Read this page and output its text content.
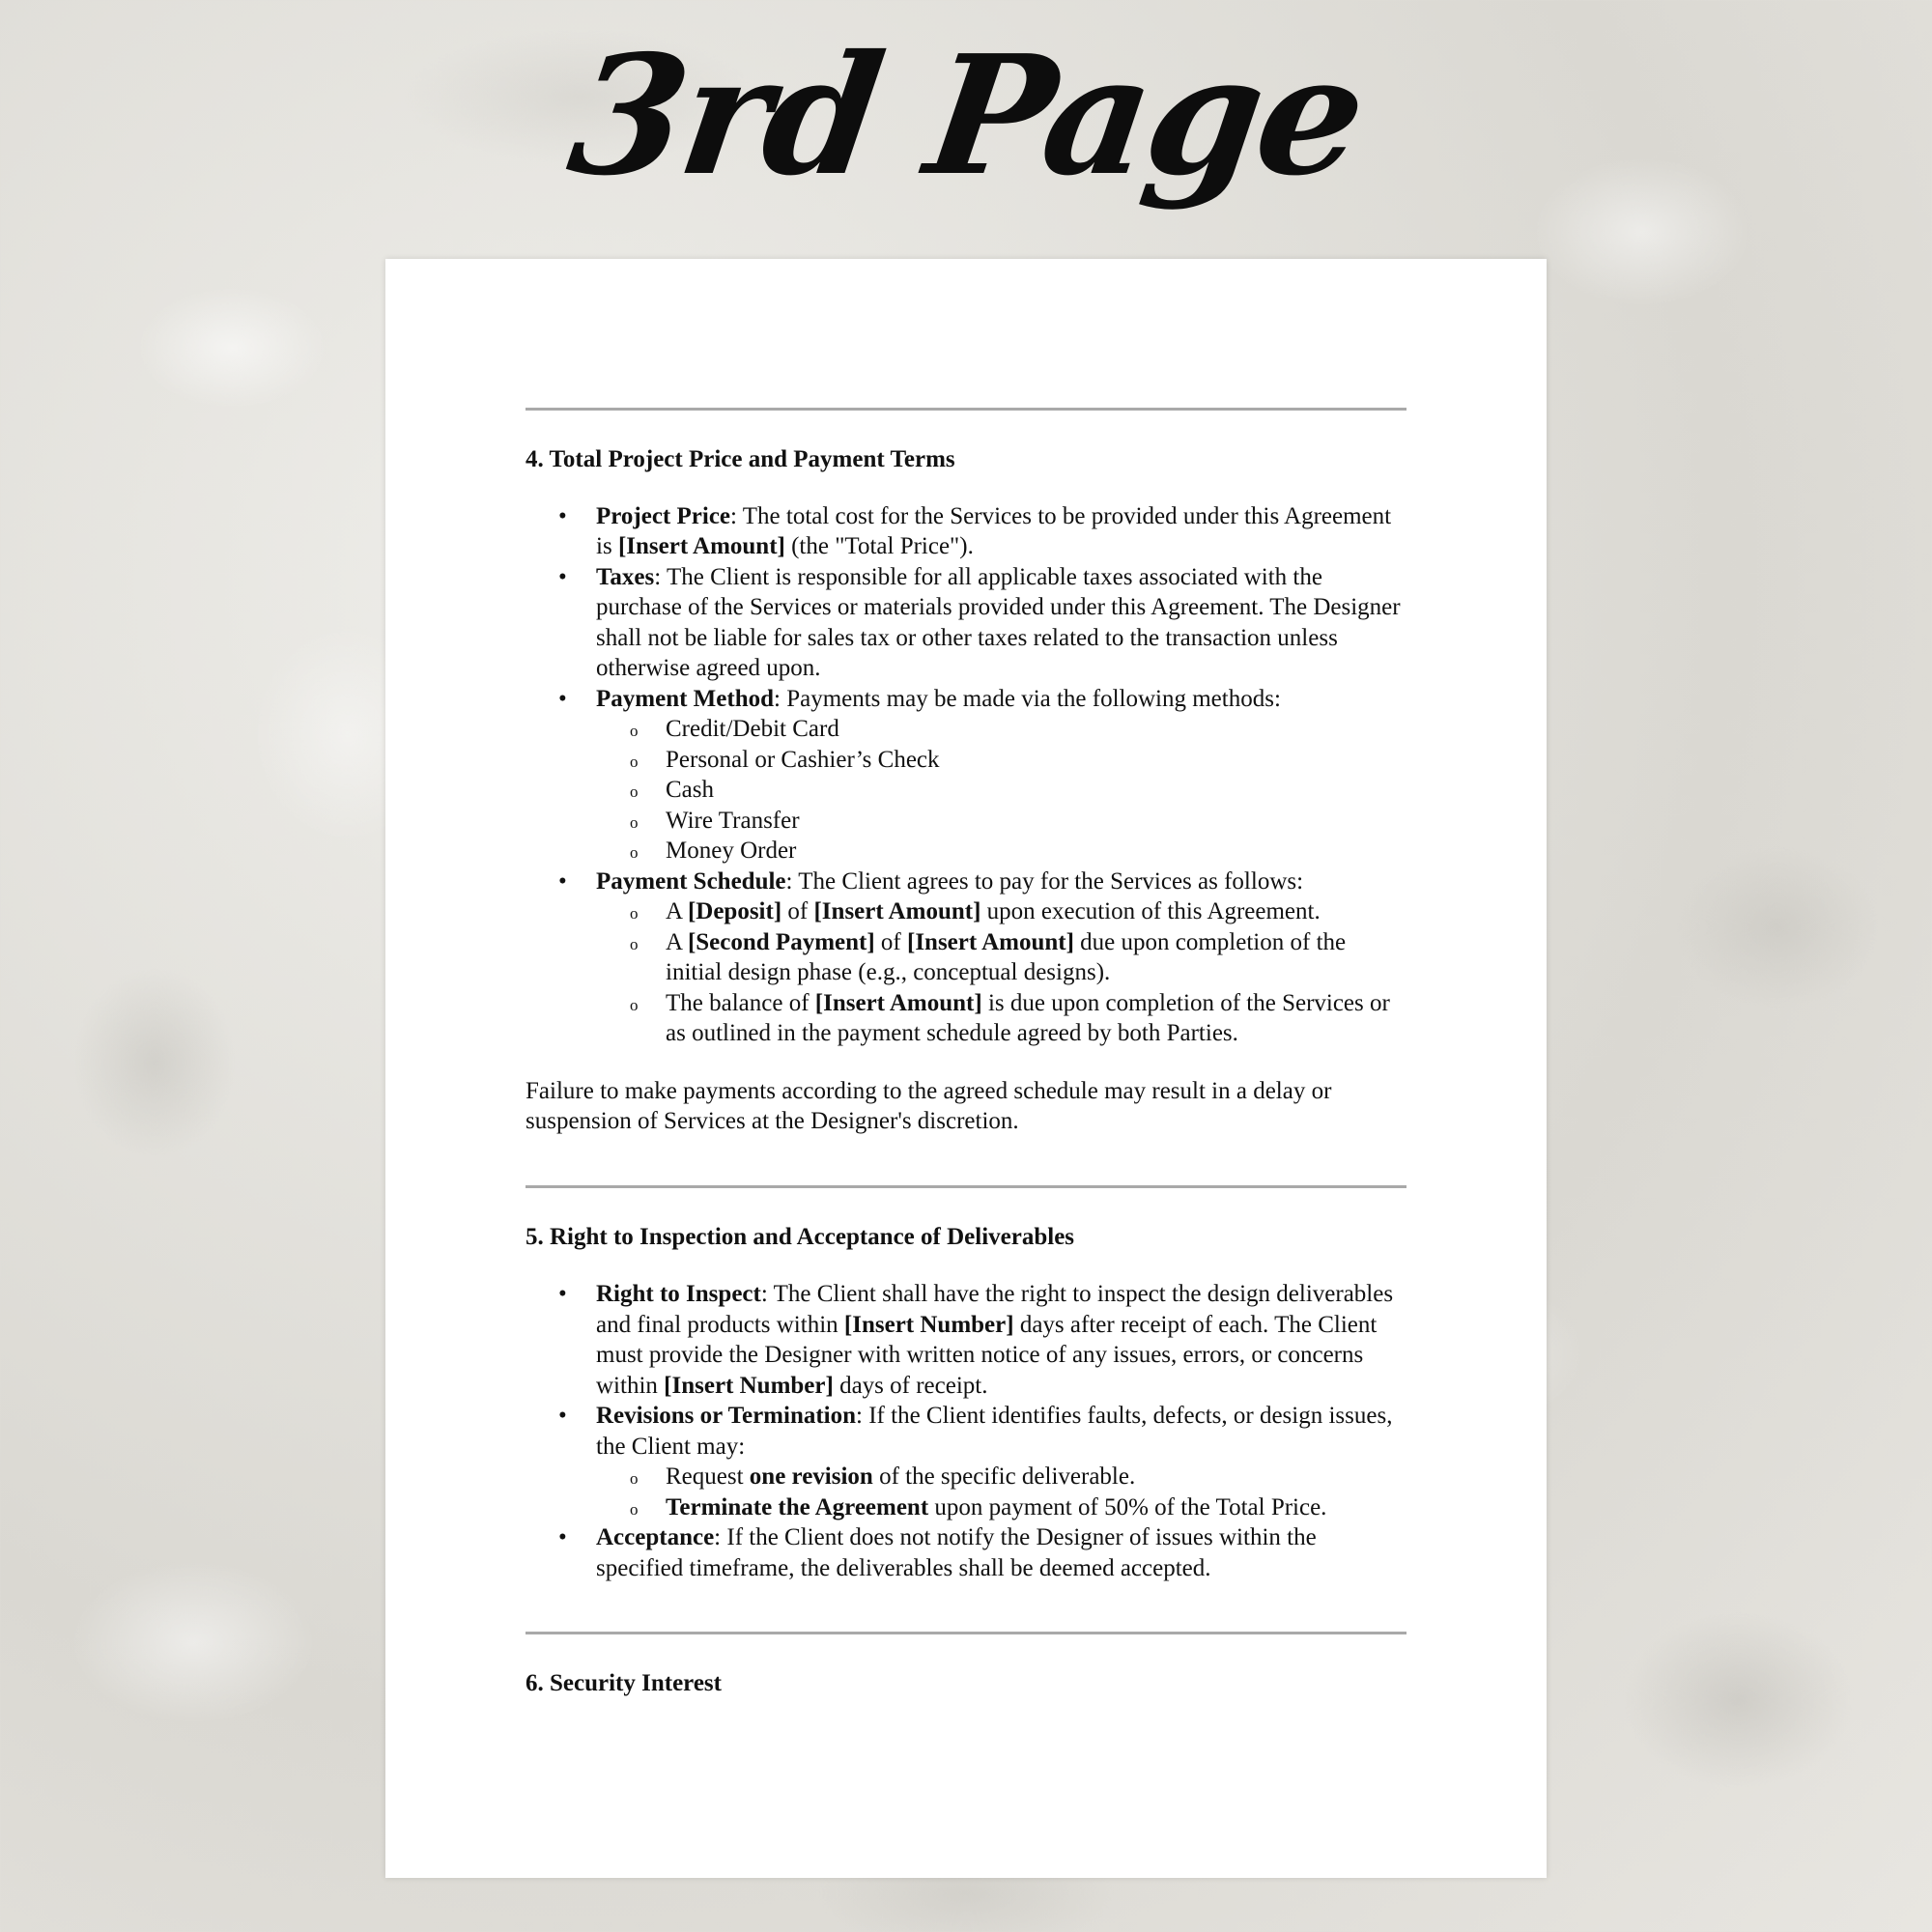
3rd Page
4. Total Project Price and Payment Terms
• Project Price: The total cost for the Services to be provided under this Agreement is [Insert Amount] (the "Total Price").
• Taxes: The Client is responsible for all applicable taxes associated with the purchase of the Services or materials provided under this Agreement. The Designer shall not be liable for sales tax or other taxes related to the transaction unless otherwise agreed upon.
• Payment Method: Payments may be made via the following methods:
o Credit/Debit Card
o Personal or Cashier’s Check
o Cash
o Wire Transfer
o Money Order
• Payment Schedule: The Client agrees to pay for the Services as follows:
o A [Deposit] of [Insert Amount] upon execution of this Agreement.
o A [Second Payment] of [Insert Amount] due upon completion of the initial design phase (e.g., conceptual designs).
o The balance of [Insert Amount] is due upon completion of the Services or as outlined in the payment schedule agreed by both Parties.

Failure to make payments according to the agreed schedule may result in a delay or suspension of Services at the Designer's discretion.

5. Right to Inspection and Acceptance of Deliverables
• Right to Inspect: The Client shall have the right to inspect the design deliverables and final products within [Insert Number] days after receipt of each. The Client must provide the Designer with written notice of any issues, errors, or concerns within [Insert Number] days of receipt.
• Revisions or Termination: If the Client identifies faults, defects, or design issues, the Client may:
o Request one revision of the specific deliverable.
o Terminate the Agreement upon payment of 50% of the Total Price.
• Acceptance: If the Client does not notify the Designer of issues within the specified timeframe, the deliverables shall be deemed accepted.
6. Security Interest
